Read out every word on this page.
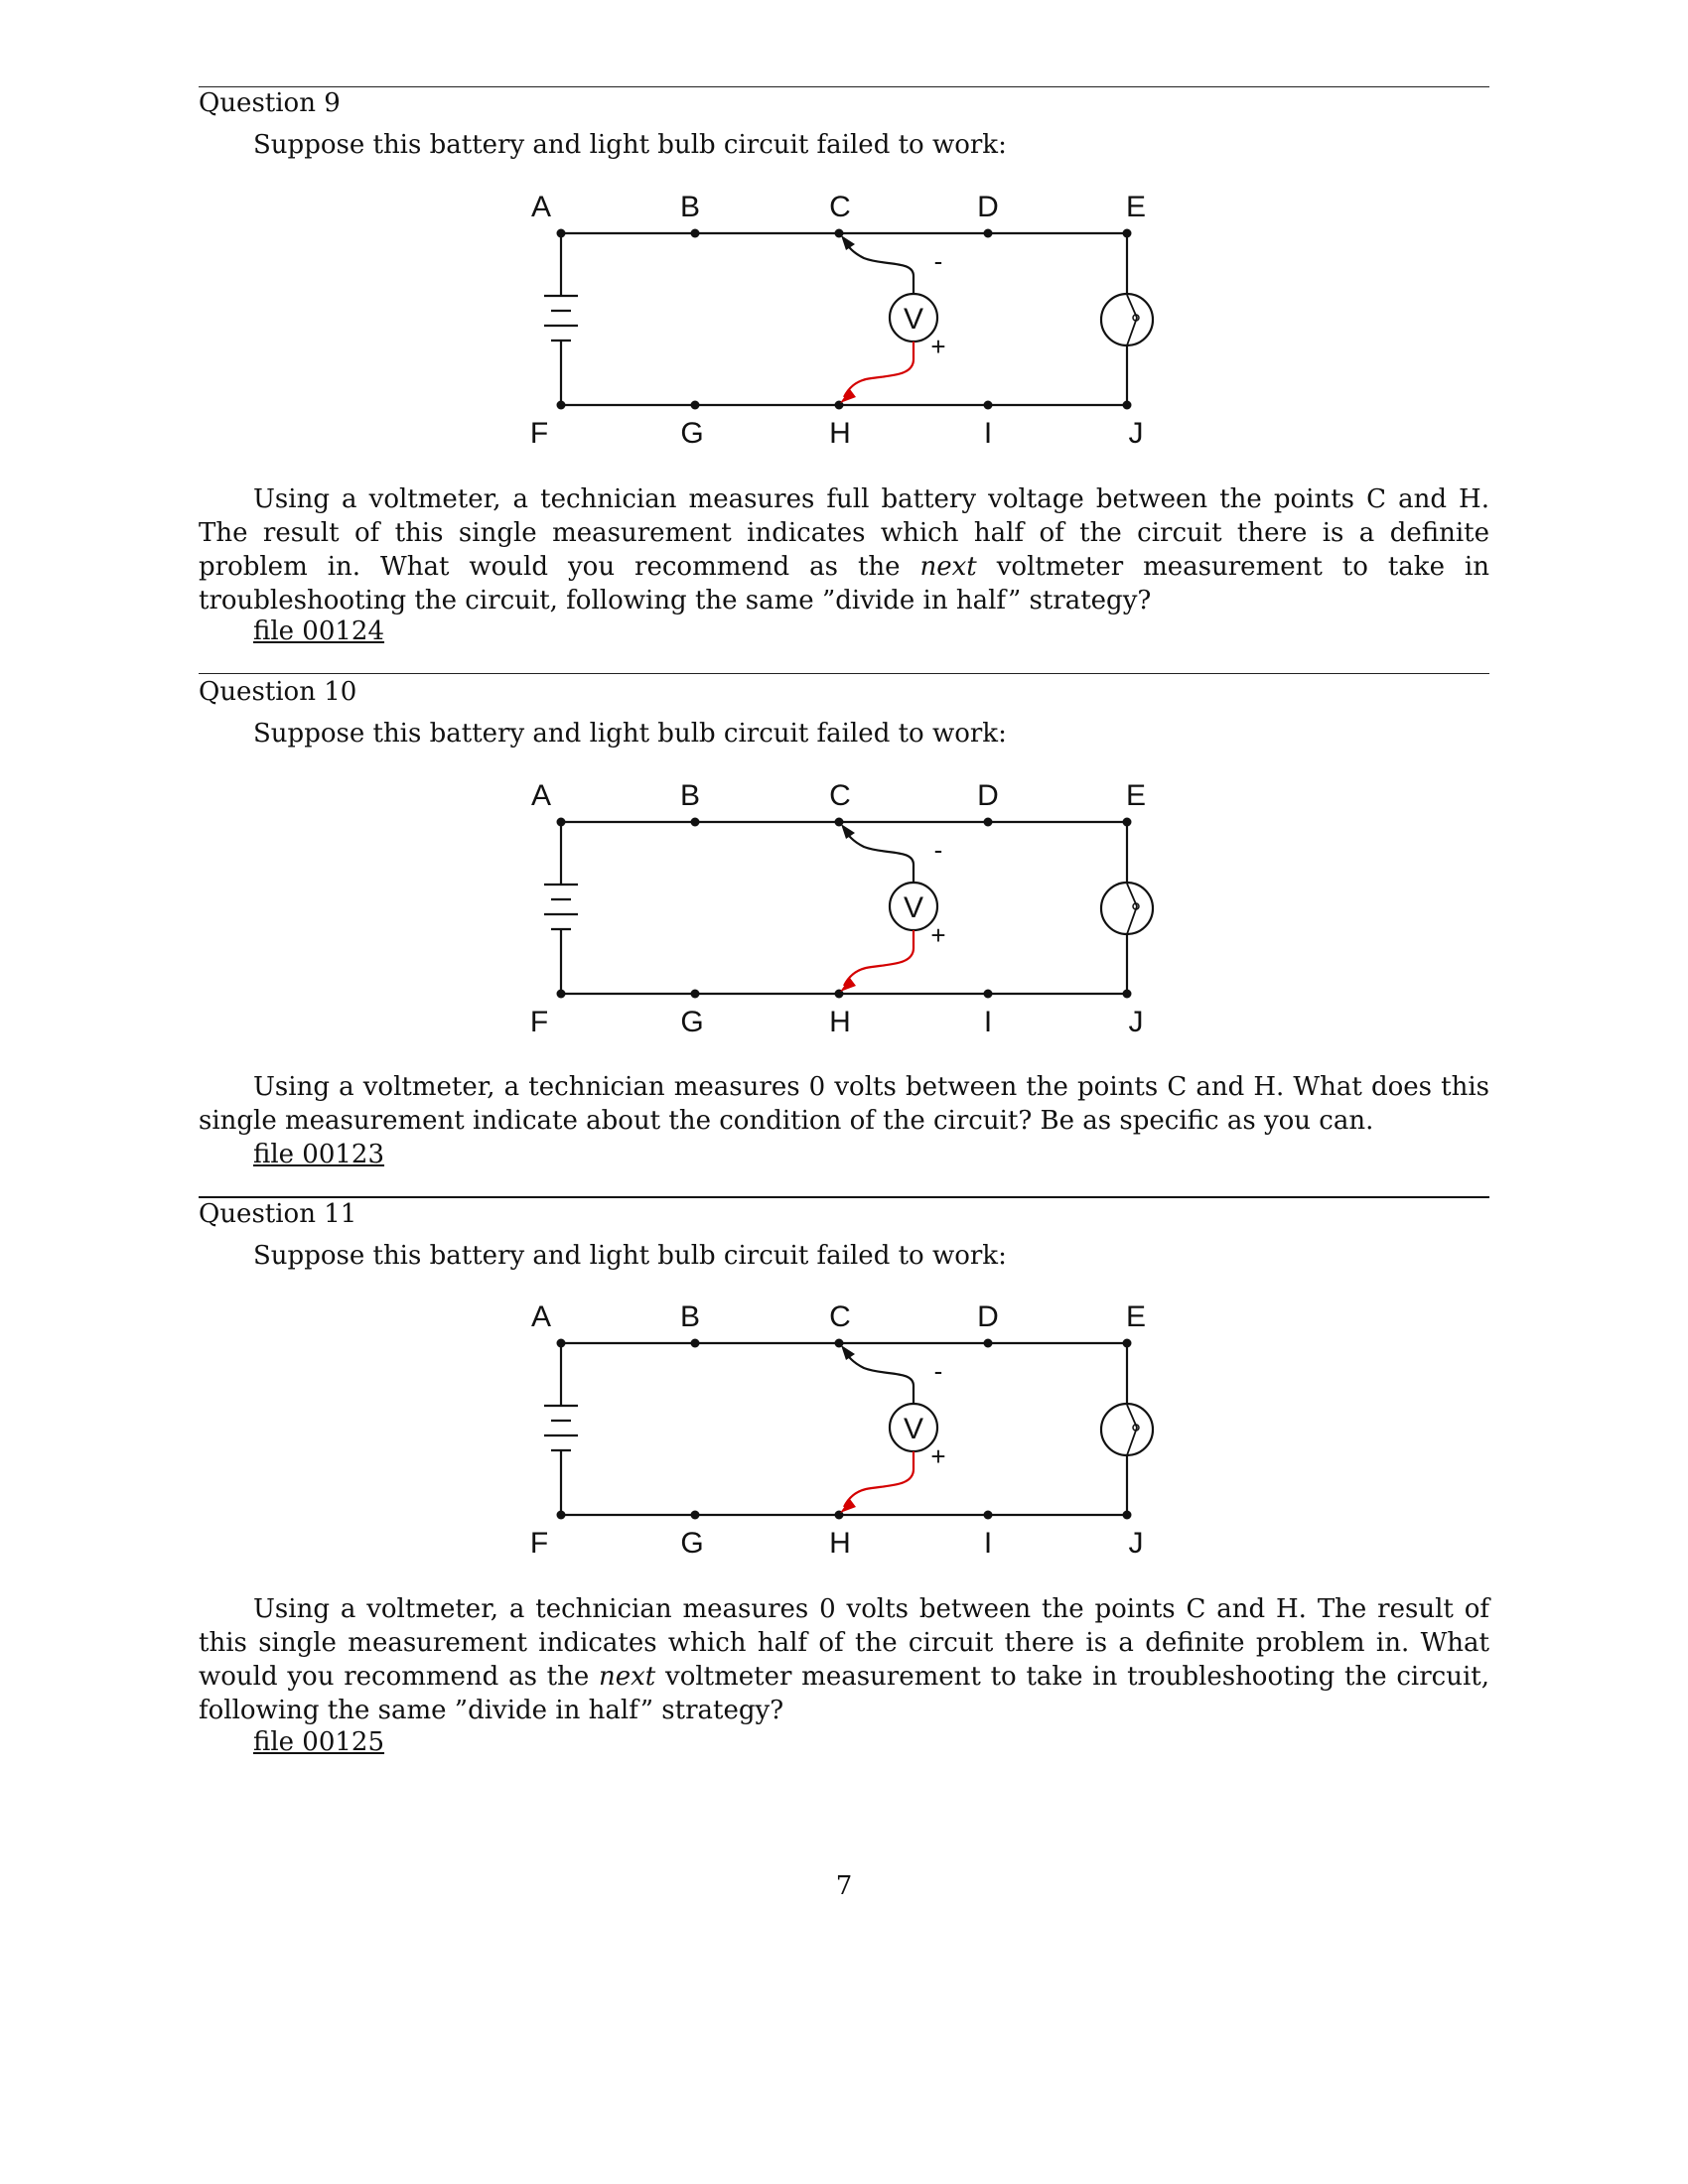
Question 9
Suppose this battery and light bulb circuit failed to work:
A
F
B
G
C
H
D
I
E
J
V
-
+
Using a voltmeter, a technician measures full battery voltage between the points C and H. The result of this single measurement indicates which half of the circuit there is a definite problem in. What would you recommend as the next voltmeter measurement to take in troubleshooting the circuit, following the same ”divide in half” strategy?
file 00124
Question 10
Suppose this battery and light bulb circuit failed to work:
A
F
B
G
C
H
D
I
E
J
V
-
+
Using a voltmeter, a technician measures 0 volts between the points C and H. What does this single measurement indicate about the condition of the circuit? Be as specific as you can.
file 00123
Question 11
Suppose this battery and light bulb circuit failed to work:
A
F
B
G
C
H
D
I
E
J
V
-
+
Using a voltmeter, a technician measures 0 volts between the points C and H. The result of this single measurement indicates which half of the circuit there is a definite problem in. What would you recommend as the next voltmeter measurement to take in troubleshooting the circuit, following the same ”divide in half” strategy?
file 00125
7
